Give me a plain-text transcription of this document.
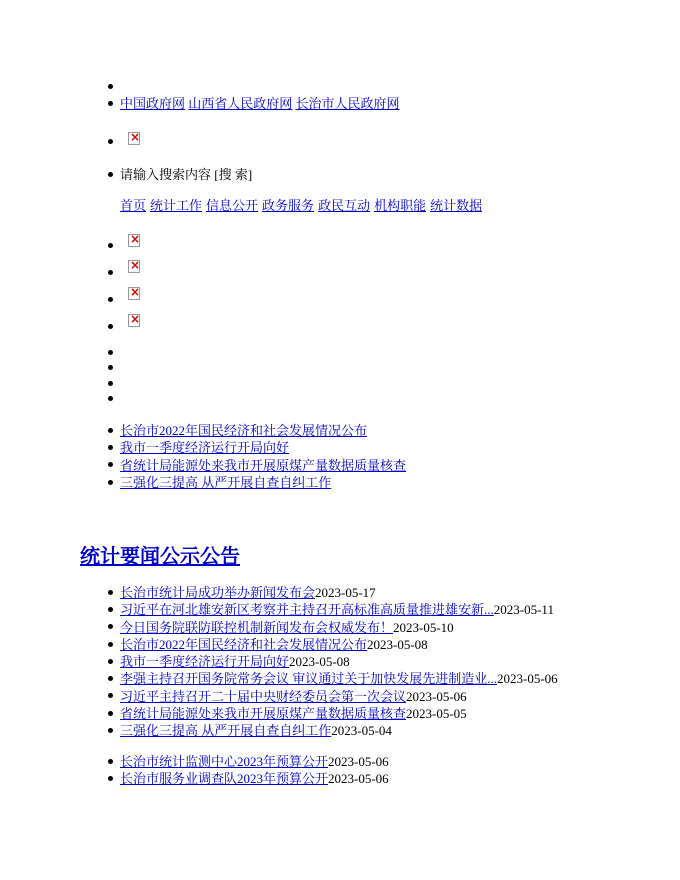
中国政府网 山西省人民政府网 长治市人民政府网
×
请输入搜索内容 [搜 索]
首页 统计工作 信息公开 政务服务 政民互动 机构职能 统计数据
×
×
×
×
长治市2022年国民经济和社会发展情况公布
我市一季度经济运行开局向好
省统计局能源处来我市开展原煤产量数据质量核查
三强化三提高 从严开展自查自纠工作
统计要闻公示公告
长治市统计局成功举办新闻发布会2023-05-17
习近平在河北雄安新区考察并主持召开高标准高质量推进雄安新...2023-05-11
今日国务院联防联控机制新闻发布会权威发布！2023-05-10
长治市2022年国民经济和社会发展情况公布2023-05-08
我市一季度经济运行开局向好2023-05-08
李强主持召开国务院常务会议 审议通过关于加快发展先进制造业...2023-05-06
习近平主持召开二十届中央财经委员会第一次会议2023-05-06
省统计局能源处来我市开展原煤产量数据质量核查2023-05-05
三强化三提高 从严开展自查自纠工作2023-05-04
长治市统计监测中心2023年预算公开2023-05-06
长治市服务业调查队2023年预算公开2023-05-06
